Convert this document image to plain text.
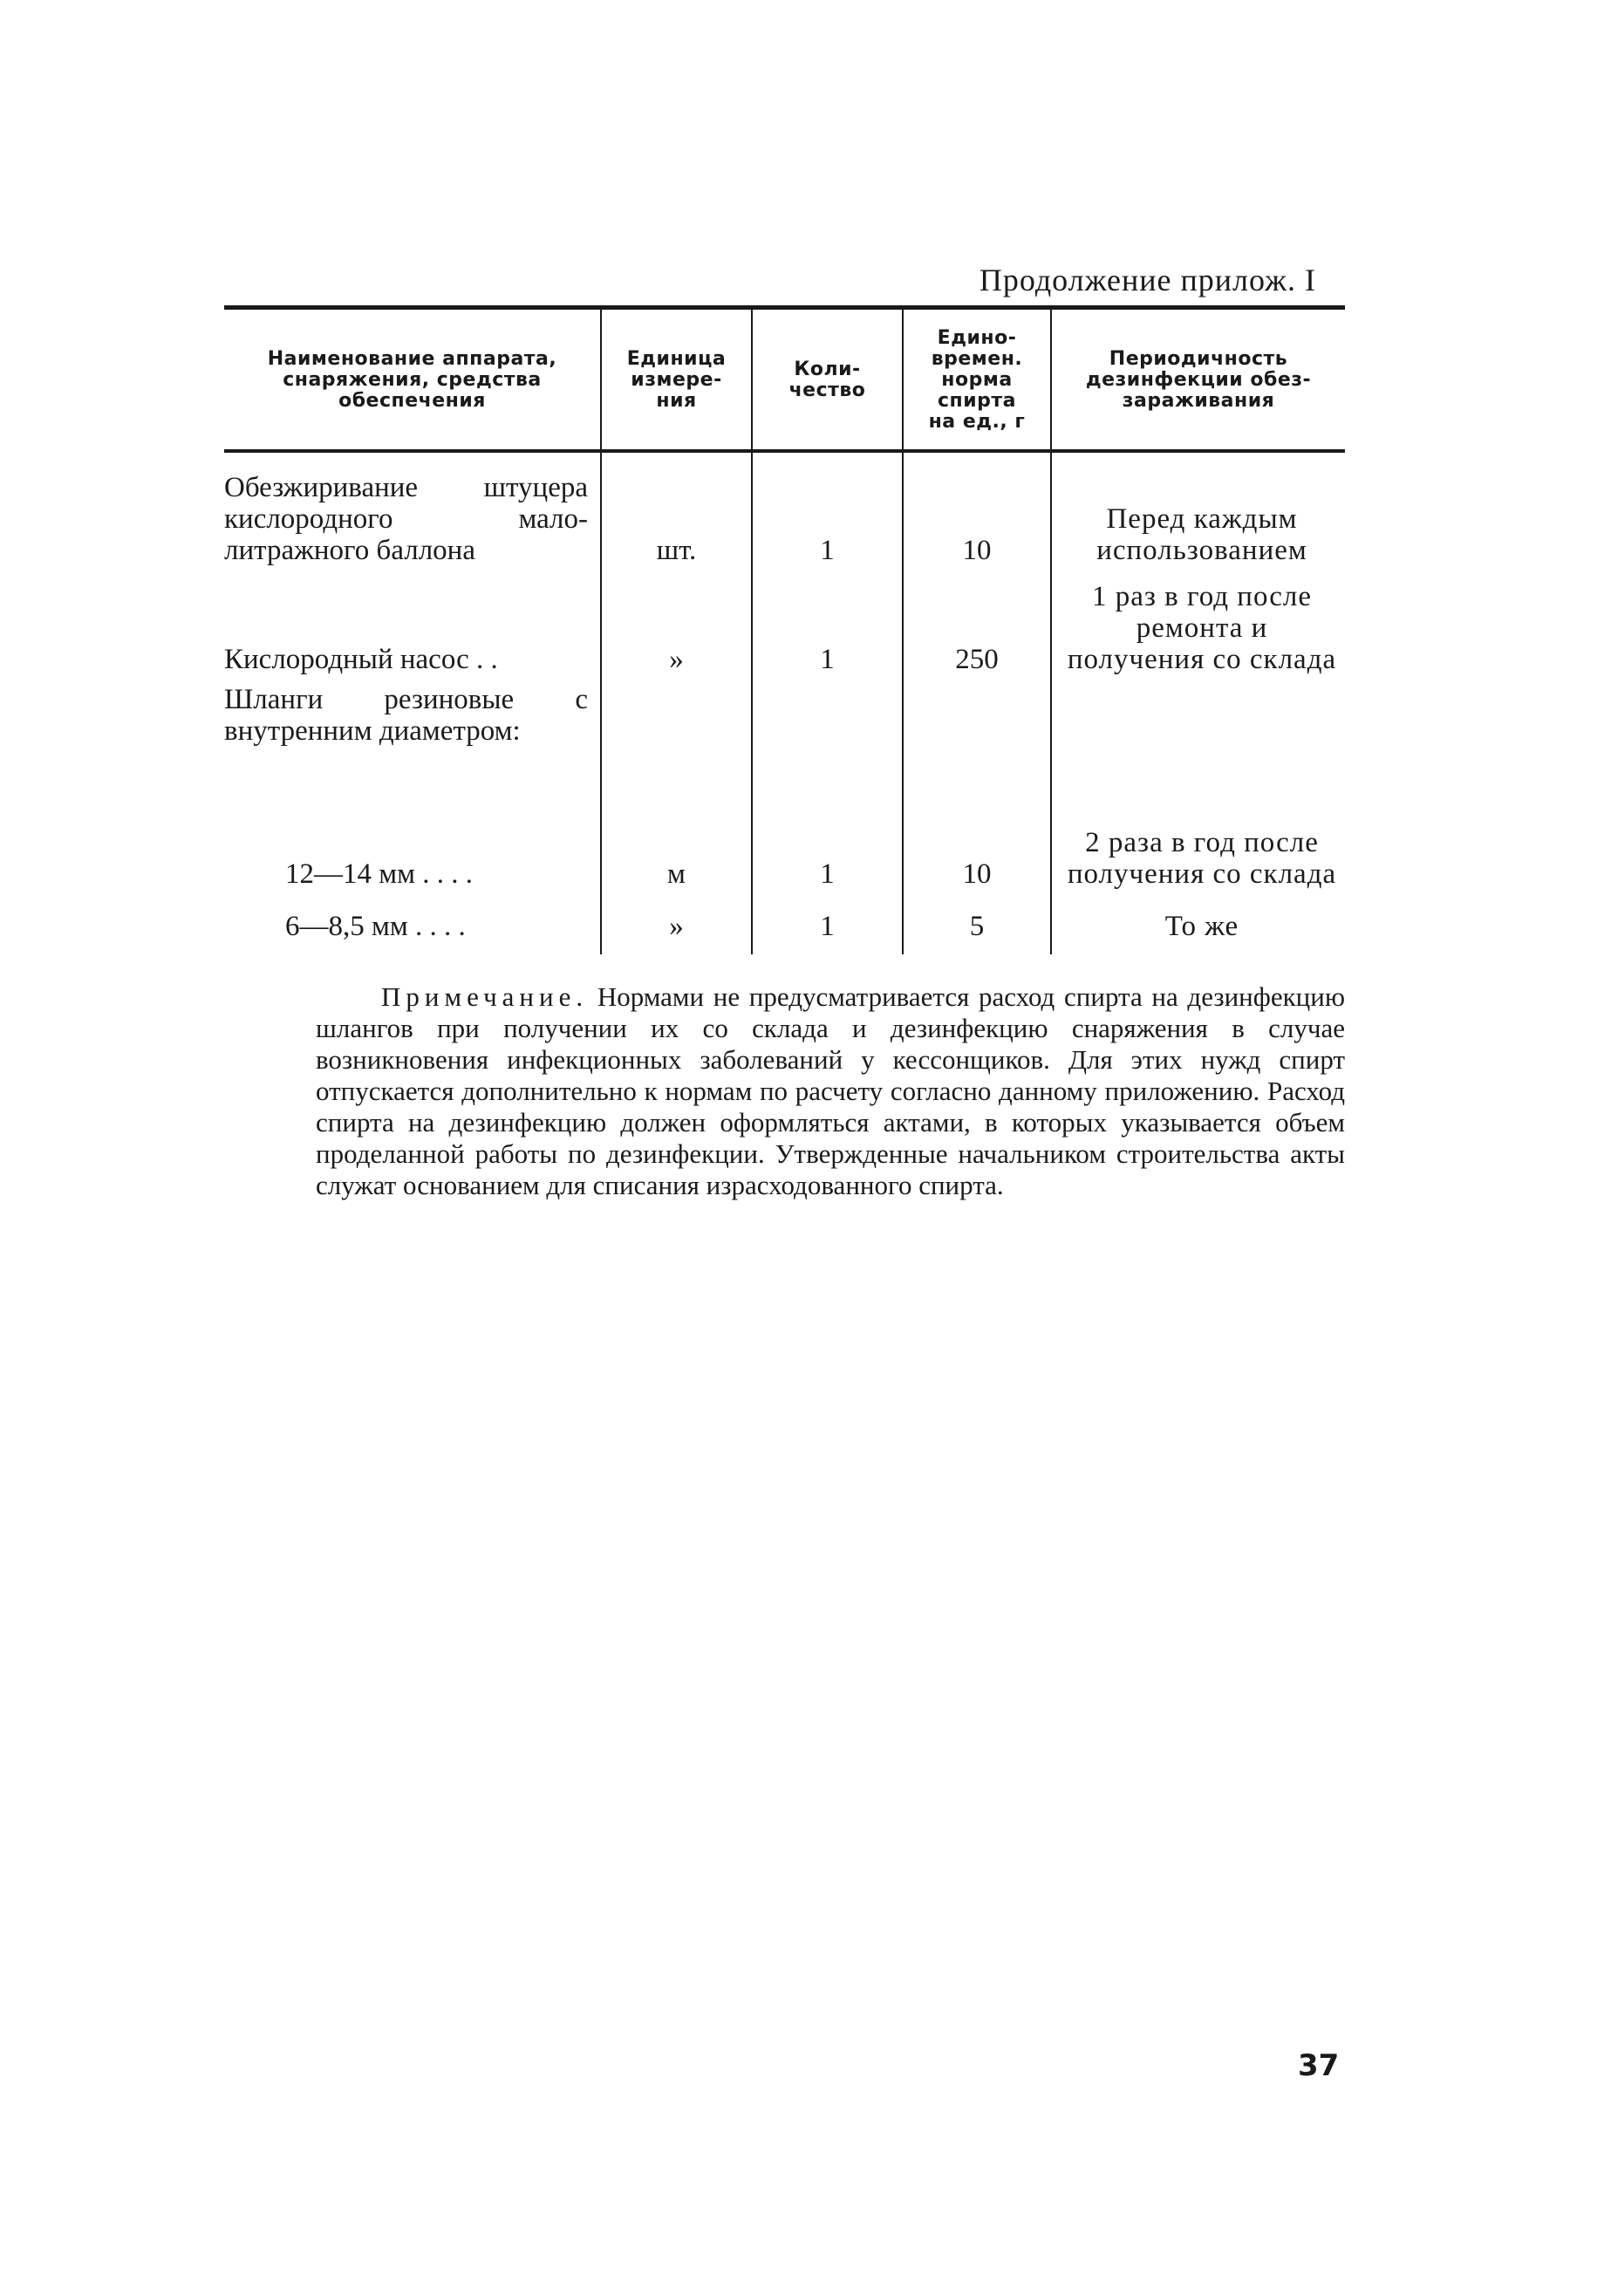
Продолжение прилож. I
Наименование аппарата,
снаряжения, средства
обеспечения	Единица
измере-
ния	Коли-
чество	Едино-
времен.
норма
спирта
на ед., г	Периодичность
дезинфекции обез-
зараживания

Обезжиривание штуцера кислородного мало-литражного баллона	шт.	1	10	Перед каждым использованием

Кислородный насос . .	»	1	250	1 раз в год после ремонта и получения со склада

Шланги резиновые с внутренним диаметром:				

12—14 мм . . . .	м	1	10	2 раза в год после получения со склада

6—8,5 мм . . . .	»	1	5	То же
Примечание. Нормами не предусматривается расход спирта на дезинфекцию шлангов при получении их со склада и дезинфекцию снаряжения в случае возникновения инфекционных заболеваний у кессонщиков. Для этих нужд спирт отпускается дополнительно к нормам по расчету согласно данному приложению. Расход спирта на дезинфекцию должен оформляться актами, в которых указывается объем проделанной работы по дезинфекции. Утвержденные начальником строительства акты служат основанием для списания израсходованного спирта.
37
